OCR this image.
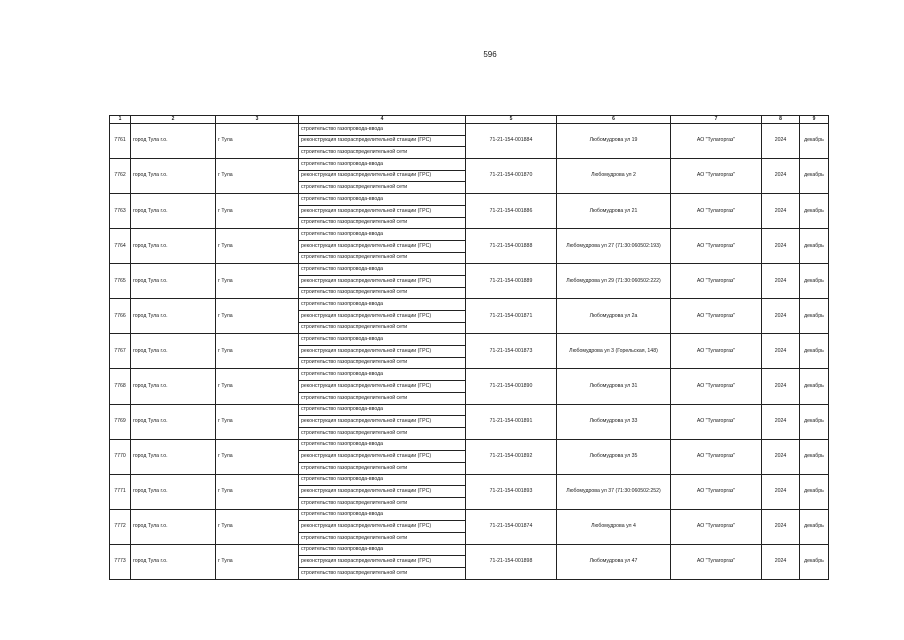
596
1	2	3	4	5	6	7	8	9
7761	город Тула г.о.	г Тула	строительство газопровода-ввода	71-21-154-001884	Любомудрова ул 19	АО "Тулагоргаз"	2024	декабрь
			реконструкция газораспределительной станции (ГРС)					
			строительство газораспределительной сети					
7762	город Тула г.о.	г Тула	строительство газопровода-ввода	71-21-154-001870	Любомудрова ул 2	АО "Тулагоргаз"	2024	декабрь
			реконструкция газораспределительной станции (ГРС)					
			строительство газораспределительной сети					
7763	город Тула г.о.	г Тула	строительство газопровода-ввода	71-21-154-001886	Любомудрова ул 21	АО "Тулагоргаз"	2024	декабрь
			реконструкция газораспределительной станции (ГРС)					
			строительство газораспределительной сети					
7764	город Тула г.о.	г Тула	строительство газопровода-ввода	71-21-154-001888	Любомудрова ул 27 (71:30:060502:193)	АО "Тулагоргаз"	2024	декабрь
			реконструкция газораспределительной станции (ГРС)					
			строительство газораспределительной сети					
7765	город Тула г.о.	г Тула	строительство газопровода-ввода	71-21-154-001889	Любомудрова ул 29 (71:30:060502:222)	АО "Тулагоргаз"	2024	декабрь
			реконструкция газораспределительной станции (ГРС)					
			строительство газораспределительной сети					
7766	город Тула г.о.	г Тула	строительство газопровода-ввода	71-21-154-001871	Любомудрова ул 2а	АО "Тулагоргаз"	2024	декабрь
			реконструкция газораспределительной станции (ГРС)					
			строительство газораспределительной сети					
7767	город Тула г.о.	г Тула	строительство газопровода-ввода	71-21-154-001873	Любомудрова ул 3 (Горельская, 148)	АО "Тулагоргаз"	2024	декабрь
			реконструкция газораспределительной станции (ГРС)					
			строительство газораспределительной сети					
7768	город Тула г.о.	г Тула	строительство газопровода-ввода	71-21-154-001890	Любомудрова ул 31	АО "Тулагоргаз"	2024	декабрь
			реконструкция газораспределительной станции (ГРС)					
			строительство газораспределительной сети					
7769	город Тула г.о.	г Тула	строительство газопровода-ввода	71-21-154-001891	Любомудрова ул 33	АО "Тулагоргаз"	2024	декабрь
			реконструкция газораспределительной станции (ГРС)					
			строительство газораспределительной сети					
7770	город Тула г.о.	г Тула	строительство газопровода-ввода	71-21-154-001892	Любомудрова ул 35	АО "Тулагоргаз"	2024	декабрь
			реконструкция газораспределительной станции (ГРС)					
			строительство газораспределительной сети					
7771	город Тула г.о.	г Тула	строительство газопровода-ввода	71-21-154-001893	Любомудрова ул 37 (71:30:060502:252)	АО "Тулагоргаз"	2024	декабрь
			реконструкция газораспределительной станции (ГРС)					
			строительство газораспределительной сети					
7772	город Тула г.о.	г Тула	строительство газопровода-ввода	71-21-154-001874	Любомудрова ул 4	АО "Тулагоргаз"	2024	декабрь
			реконструкция газораспределительной станции (ГРС)					
			строительство газораспределительной сети					
7773	город Тула г.о.	г Тула	строительство газопровода-ввода	71-21-154-001898	Любомудрова ул 47	АО "Тулагоргаз"	2024	декабрь
			реконструкция газораспределительной станции (ГРС)					
			строительство газораспределительной сети					
